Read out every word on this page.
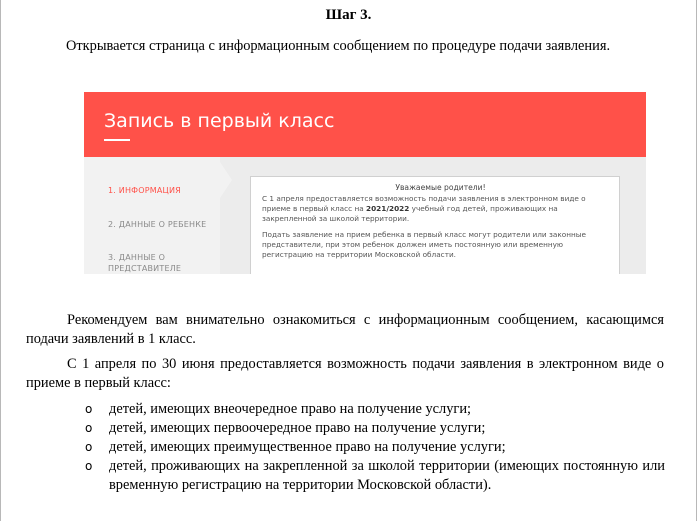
Шаг 3.
Открывается страница с информационным сообщением по процедуре подачи заявления.
Запись в первый класс
1. ИНФОРМАЦИЯ
2. ДАННЫЕ О РЕБЕНКЕ
3. ДАННЫЕ О ПРЕДСТАВИТЕЛЕ
Уважаемые родители!
С 1 апреля предоставляется возможность подачи заявления в электронном виде о приеме в первый класс на 2021/2022 учебный год детей, проживающих на закрепленной за школой территории.
Подать заявление на прием ребенка в первый класс могут родители или законные представители, при этом ребенок должен иметь постоянную или временную регистрацию на территории Московской области.
Рекомендуем вам внимательно ознакомиться с информационным сообщением, касающимся подачи заявлений в 1 класс.
С 1 апреля по 30 июня предоставляется возможность подачи заявления в электронном виде о приеме в первый класс:
o детей, имеющих внеочередное право на получение услуги;
o детей, имеющих первоочередное право на получение услуги;
o детей, имеющих преимущественное право на получение услуги;
o детей, проживающих на закрепленной за школой территории (имеющих постоянную или временную регистрацию на территории Московской области).
